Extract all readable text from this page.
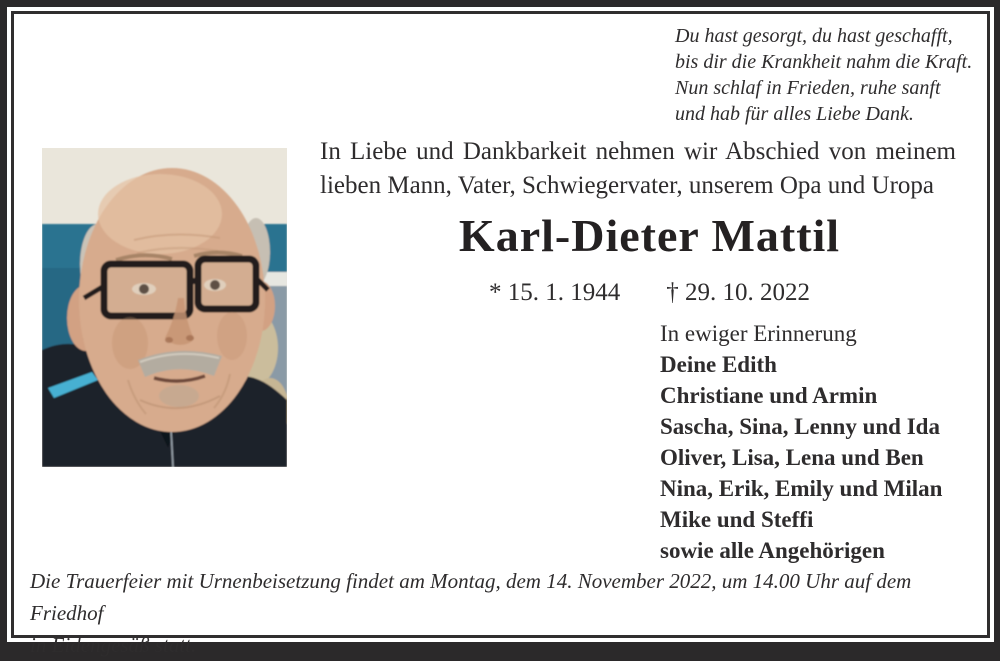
Du hast gesorgt, du hast geschafft,
bis dir die Krankheit nahm die Kraft.
Nun schlaf in Frieden, ruhe sanft
und hab für alles Liebe Dank.
In Liebe und Dankbarkeit nehmen wir Abschied von meinem
lieben Mann, Vater, Schwiegervater, unserem Opa und Uropa
Karl-Dieter Mattil
* 15. 1. 1944 † 29. 10. 2022
In ewiger Erinnerung
Deine Edith
Christiane und Armin
Sascha, Sina, Lenny und Ida
Oliver, Lisa, Lena und Ben
Nina, Erik, Emily und Milan
Mike und Steffi
sowie alle Angehörigen
Die Trauerfeier mit Urnenbeisetzung findet am Montag, dem 14. November 2022, um 14.00 Uhr auf dem Friedhof
in Eidengesäß statt.
